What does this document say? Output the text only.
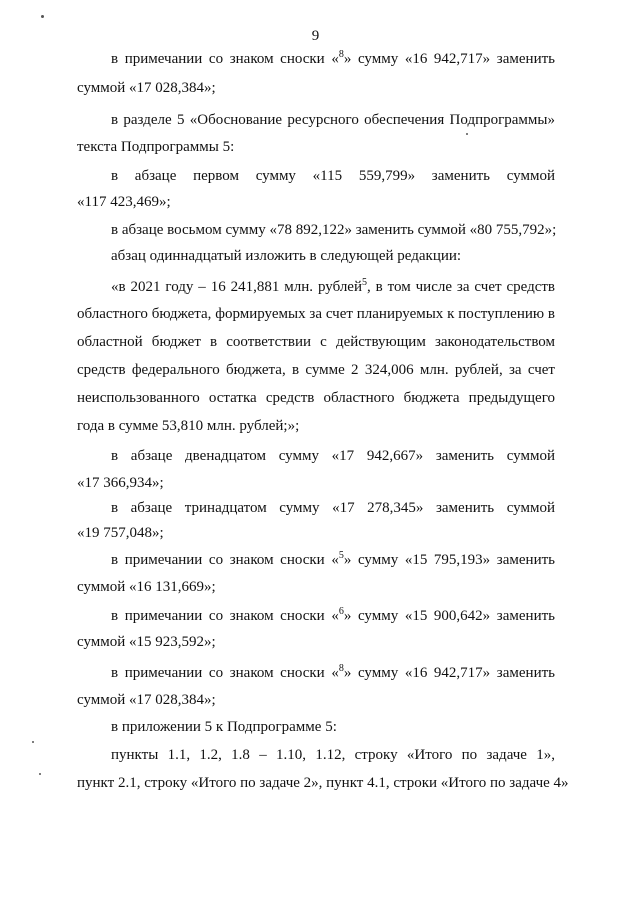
9
в примечании со знаком сноски «$^8$» сумму «16 942,717» заменить
суммой «17 028,384»;
в разделе 5 «Обоснование ресурсного обеспечения Подпрограммы»
текста Подпрограммы 5:
в абзаце первом сумму «115 559,799» заменить суммой
«117 423,469»;
в абзаце восьмом сумму «78 892,122» заменить суммой «80 755,792»;
абзац одиннадцатый изложить в следующей редакции:
«в 2021 году – 16 241,881 млн. рублей$^5$, в том числе за счет средств
областного бюджета, формируемых за счет планируемых к поступлению в
областной бюджет в соответствии с действующим законодательством
средств федерального бюджета, в сумме 2 324,006 млн. рублей, за счет
неиспользованного остатка средств областного бюджета предыдущего
года в сумме 53,810 млн. рублей;»;
в абзаце двенадцатом сумму «17 942,667» заменить суммой
«17 366,934»;
в абзаце тринадцатом сумму «17 278,345» заменить суммой
«19 757,048»;
в примечании со знаком сноски «$^5$» сумму «15 795,193» заменить
суммой «16 131,669»;
в примечании со знаком сноски «$^6$» сумму «15 900,642» заменить
суммой «15 923,592»;
в примечании со знаком сноски «$^8$» сумму «16 942,717» заменить
суммой «17 028,384»;
в приложении 5 к Подпрограмме 5:
пункты 1.1, 1.2, 1.8 – 1.10, 1.12, строку «Итого по задаче 1»,
пункт 2.1, строку «Итого по задаче 2», пункт 4.1, строки «Итого по задаче 4»
